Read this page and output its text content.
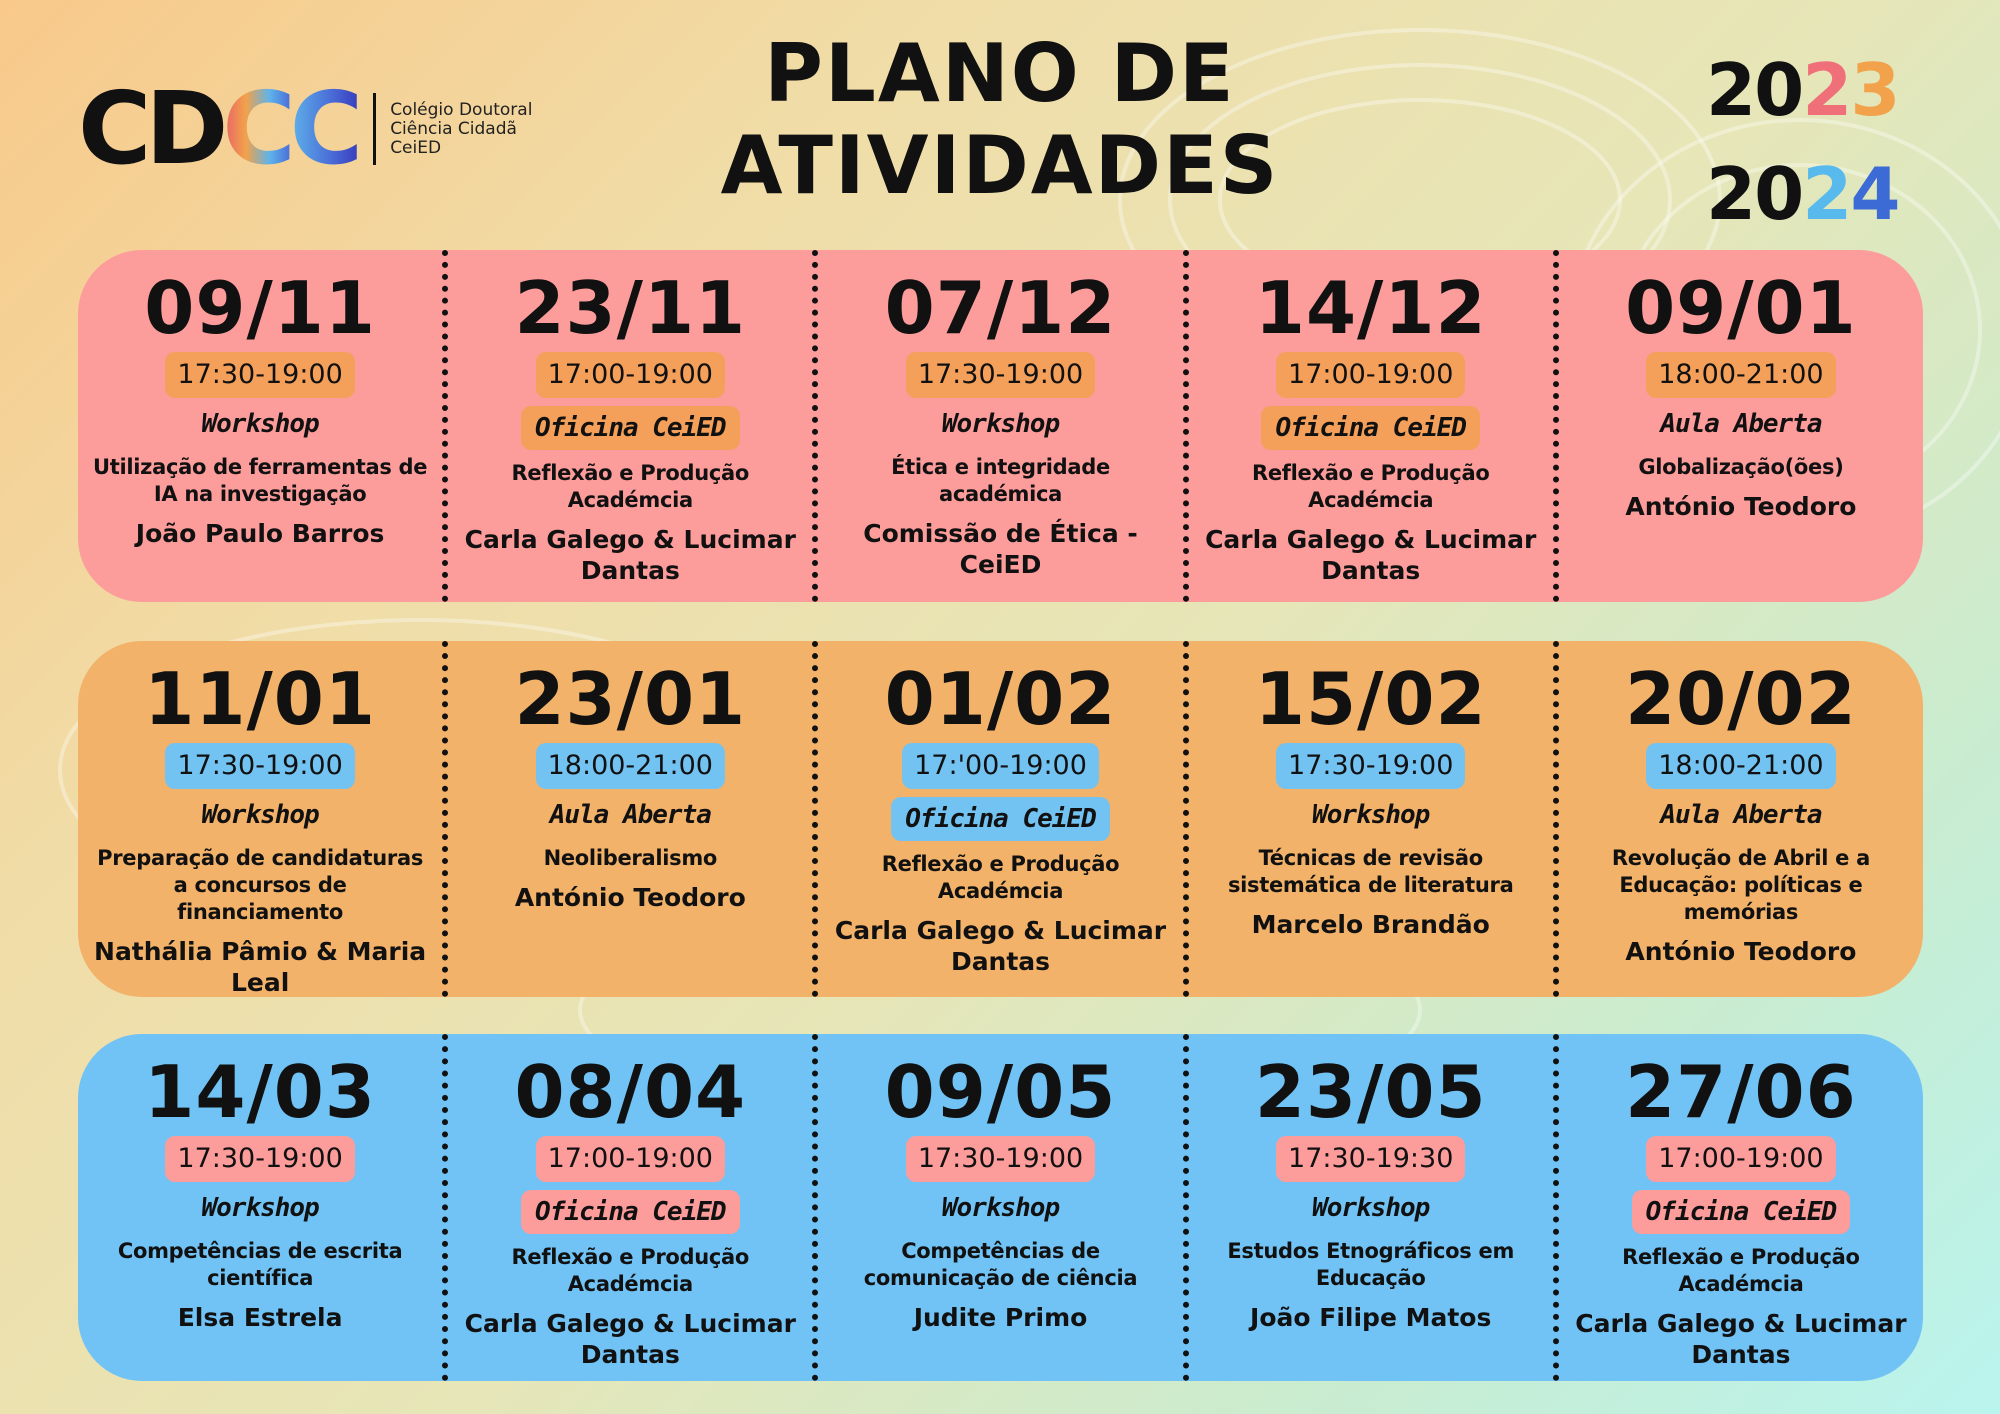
C D C C Colégio Doutoral
Ciência Cidadã
CeiED
PLANO DE
ATIVIDADES
2023
2024
09/11
17:30-19:00
Workshop
Utilização de ferramentas de IA na investigação
João Paulo Barros
23/11
17:00-19:00
Oficina CeiED
Reflexão e Produção Académcia
Carla Galego & Lucimar Dantas
07/12
17:30-19:00
Workshop
Ética e integridade académica
Comissão de Ética - CeiED
14/12
17:00-19:00
Oficina CeiED
Reflexão e Produção Académcia
Carla Galego & Lucimar Dantas
09/01
18:00-21:00
Aula Aberta
Globalização(ões)
António Teodoro
11/01
17:30-19:00
Workshop
Preparação de candidaturas a concursos de financiamento
Nathália Pâmio & Maria Leal
23/01
18:00-21:00
Aula Aberta
Neoliberalismo
António Teodoro
01/02
17:'00-19:00
Oficina CeiED
Reflexão e Produção Académcia
Carla Galego & Lucimar Dantas
15/02
17:30-19:00
Workshop
Técnicas de revisão sistemática de literatura
Marcelo Brandão
20/02
18:00-21:00
Aula Aberta
Revolução de Abril e a Educação: políticas e memórias
António Teodoro
14/03
17:30-19:00
Workshop
Competências de escrita científica
Elsa Estrela
08/04
17:00-19:00
Oficina CeiED
Reflexão e Produção Académcia
Carla Galego & Lucimar Dantas
09/05
17:30-19:00
Workshop
Competências de comunicação de ciência
Judite Primo
23/05
17:30-19:30
Workshop
Estudos Etnográficos em Educação
João Filipe Matos
27/06
17:00-19:00
Oficina CeiED
Reflexão e Produção Académcia
Carla Galego & Lucimar Dantas
